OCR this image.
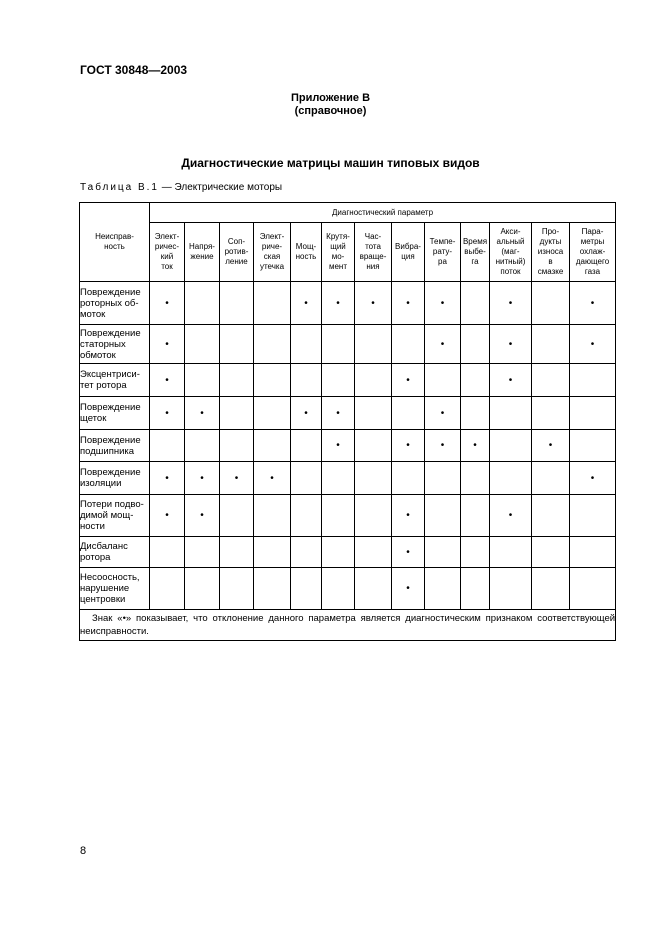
ГОСТ 30848—2003
Приложение В
(справочное)
Диагностические матрицы машин типовых видов
Таблица В.1 — Электрические моторы
Неисправ-
ность	Диагностический параметр												
	Элект-
ричес-
кий
ток	Напря-
жение	Соп-
ротив-
ление	Элект-
риче-
ская
утечка	Мощ-
ность	Крутя-
щий
мо-
мент	Час-
тота
враще-
ния	Вибра-
ция	Темпе-
рату-
ра	Время
выбе-
га	Акси-
альный
(маг-
нитный)
поток	Про-
дукты
износа
в
смазке	Пара-
метры
охлаж-
дающего
газа
Повреждение роторных об-
моток	•				•	•	•	•	•		•		•
Повреждение статорных обмоток	•								•		•		•
Эксцентриси-
тет ротора	•							•			•		
Повреждение щеток	•	•			•	•			•				
Повреждение подшипника						•		•	•	•		•	
Повреждение изоляции	•	•	•	•									•
Потери подво-
димой мощ-
ности	•	•						•			•		
Дисбаланс ротора								•					
Несоосность, нарушение центровки								•					
Знак «•» показывает, что отклонение данного параметра является диагностическим признаком соответствующей неисправности.													
8
